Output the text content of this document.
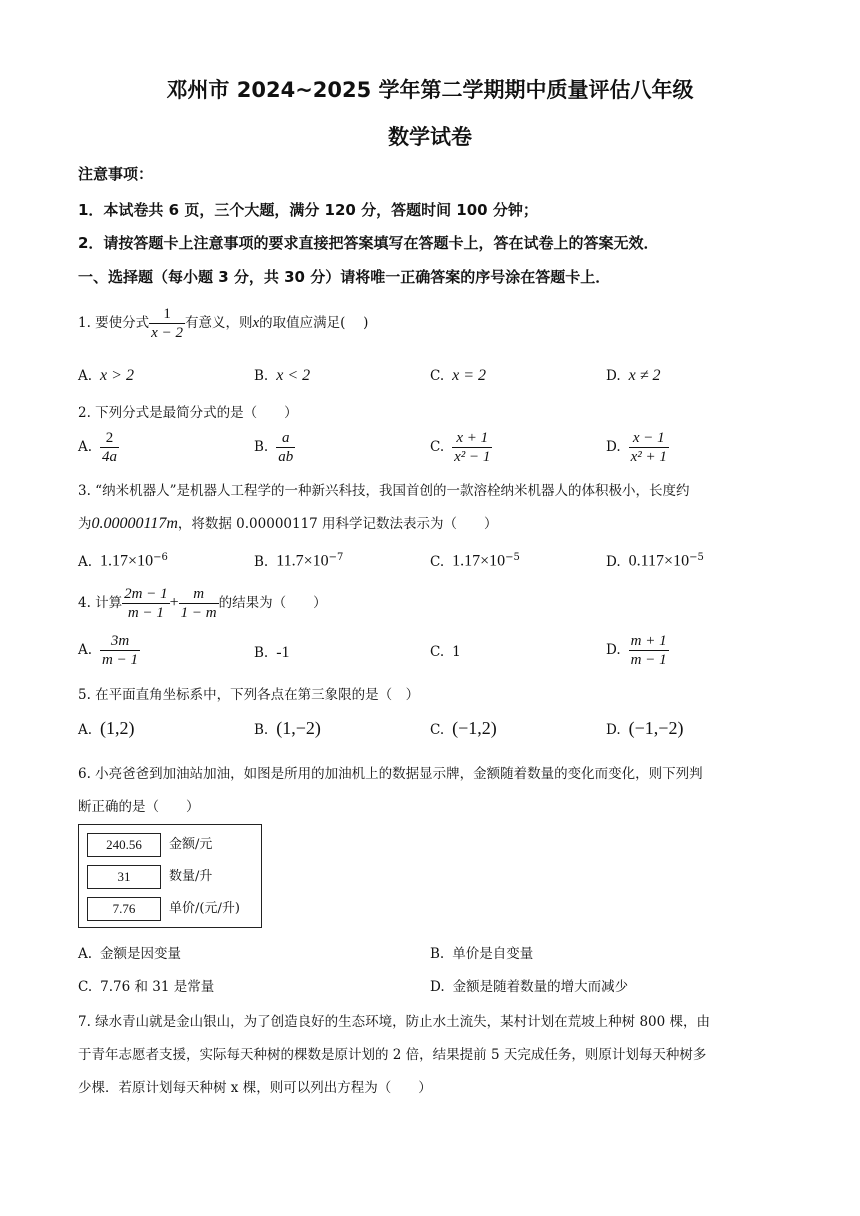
邓州市 2024~2025 学年第二学期期中质量评估八年级
数学试卷
注意事项：
1．本试卷共 6 页，三个大题，满分 120 分，答题时间 100 分钟；
2．请按答题卡上注意事项的要求直接把答案填写在答题卡上，答在试卷上的答案无效．
一、选择题（每小题 3 分，共 30 分）请将唯一正确答案的序号涂在答题卡上．
1. 要使分式 $\frac{1}{x - 2}$ 有意义，则x的取值应满足(　 )
A. x > 2	B. x < 2	C. x = 2	D. x ≠ 2
2. 下列分式是最简分式的是（　　）
A. $\frac{2}{4a}$	B. $\frac{a}{ab}$	C. $\frac{x + 1}{\text{x² − 1}}$	D. $\frac{x - 1}{\text{x² + 1}}$
3. “纳米机器人”是机器人工程学的一种新兴科技，我国首创的一款溶栓纳米机器人的体积极小，长度约
为0.00000117m，将数据 0.00000117 用科学记数法表示为（　　）
A. $1.17\times 10^{-6}$	B. $11.7\times 10^{-7}$	C. $1.17\times 10^{-5}$	D. $0.117\times 10^{-5}$
4. 计算 $\frac{2m - 1}{m - 1} + \frac{m}{1 - m}$ 的结果为（　　）
A. $\frac{3m}{m - 1}$	B. -1	C. 1	D. $\frac{m + 1}{m - 1}$
5. 在平面直角坐标系中，下列各点在第三象限的是（　）
A. (1,2)	B. (1,−2)	C. (−1,2)	D. (−1,−2)
6. 小亮爸爸到加油站加油，如图是所用的加油机上的数据显示牌，金额随着数量的变化而变化，则下列判
断正确的是（　　）
240.56	金额/元
31	数量/升
7.76	单价/(元/升)
A. 金额是因变量	B. 单价是自变量
C. 7.76 和 31 是常量	D. 金额是随着数量的增大而减少
7. 绿水青山就是金山银山，为了创造良好的生态环境，防止水土流失，某村计划在荒坡上种树 800 棵，由
于青年志愿者支援，实际每天种树的棵数是原计划的 2 倍，结果提前 5 天完成任务，则原计划每天种树多
少棵．若原计划每天种树 x 棵，则可以列出方程为（　　）
